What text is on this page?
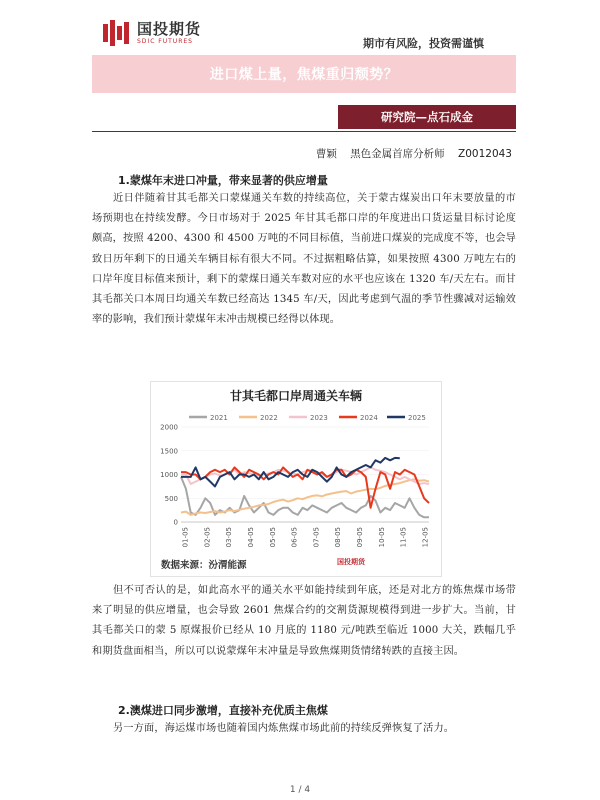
国投期货
SDIC FUTURES	期市有风险，投资需谨慎
进口煤上量，焦煤重归颓势？
研究院—点石成金
曹颖    黑色金属首席分析师    Z0012043
1.蒙煤年末进口冲量，带来显著的供应增量
近日伴随着甘其毛都关口蒙煤通关车数的持续高位，关于蒙古煤炭出口年末要放量的市场预期也在持续发酵。今日市场对于 2025 年甘其毛都口岸的年度进出口货运量目标讨论度颇高，按照 4200、4300 和 4500 万吨的不同目标值，当前进口煤炭的完成度不等，也会导致日历年剩下的日通关车辆目标有很大不同。不过据粗略估算，如果按照 4300 万吨左右的口岸年度目标值来预计，剩下的蒙煤日通关车数对应的水平也应该在 1320 车/天左右。而甘其毛都关口本周日均通关车数已经高达 1345 车/天，因此考虑到气温的季节性骤减对运输效率的影响，我们预计蒙煤年末冲击规模已经得以体现。
甘其毛都口岸周通关车辆
2021	2022	2023	2024	2025
0
500
1000
1500
2000
01-05 02-05 03-05 04-05 05-05 06-05 07-05 08-05 09-05 10-05 11-05 12-05
国投期货
数据来源：汾渭能源
但不可否认的是，如此高水平的通关水平如能持续到年底，还是对北方的炼焦煤市场带来了明显的供应增量，也会导致 2601 焦煤合约的交割货源规模得到进一步扩大。当前，甘其毛都关口的蒙 5 原煤报价已经从 10 月底的 1180 元/吨跌至临近 1000 大关，跌幅几乎和期货盘面相当，所以可以说蒙煤年末冲量是导致焦煤期货情绪转跌的直接主因。
2.澳煤进口同步激增，直接补充优质主焦煤
另一方面，海运煤市场也随着国内炼焦煤市场此前的持续反弹恢复了活力。
1 / 4
